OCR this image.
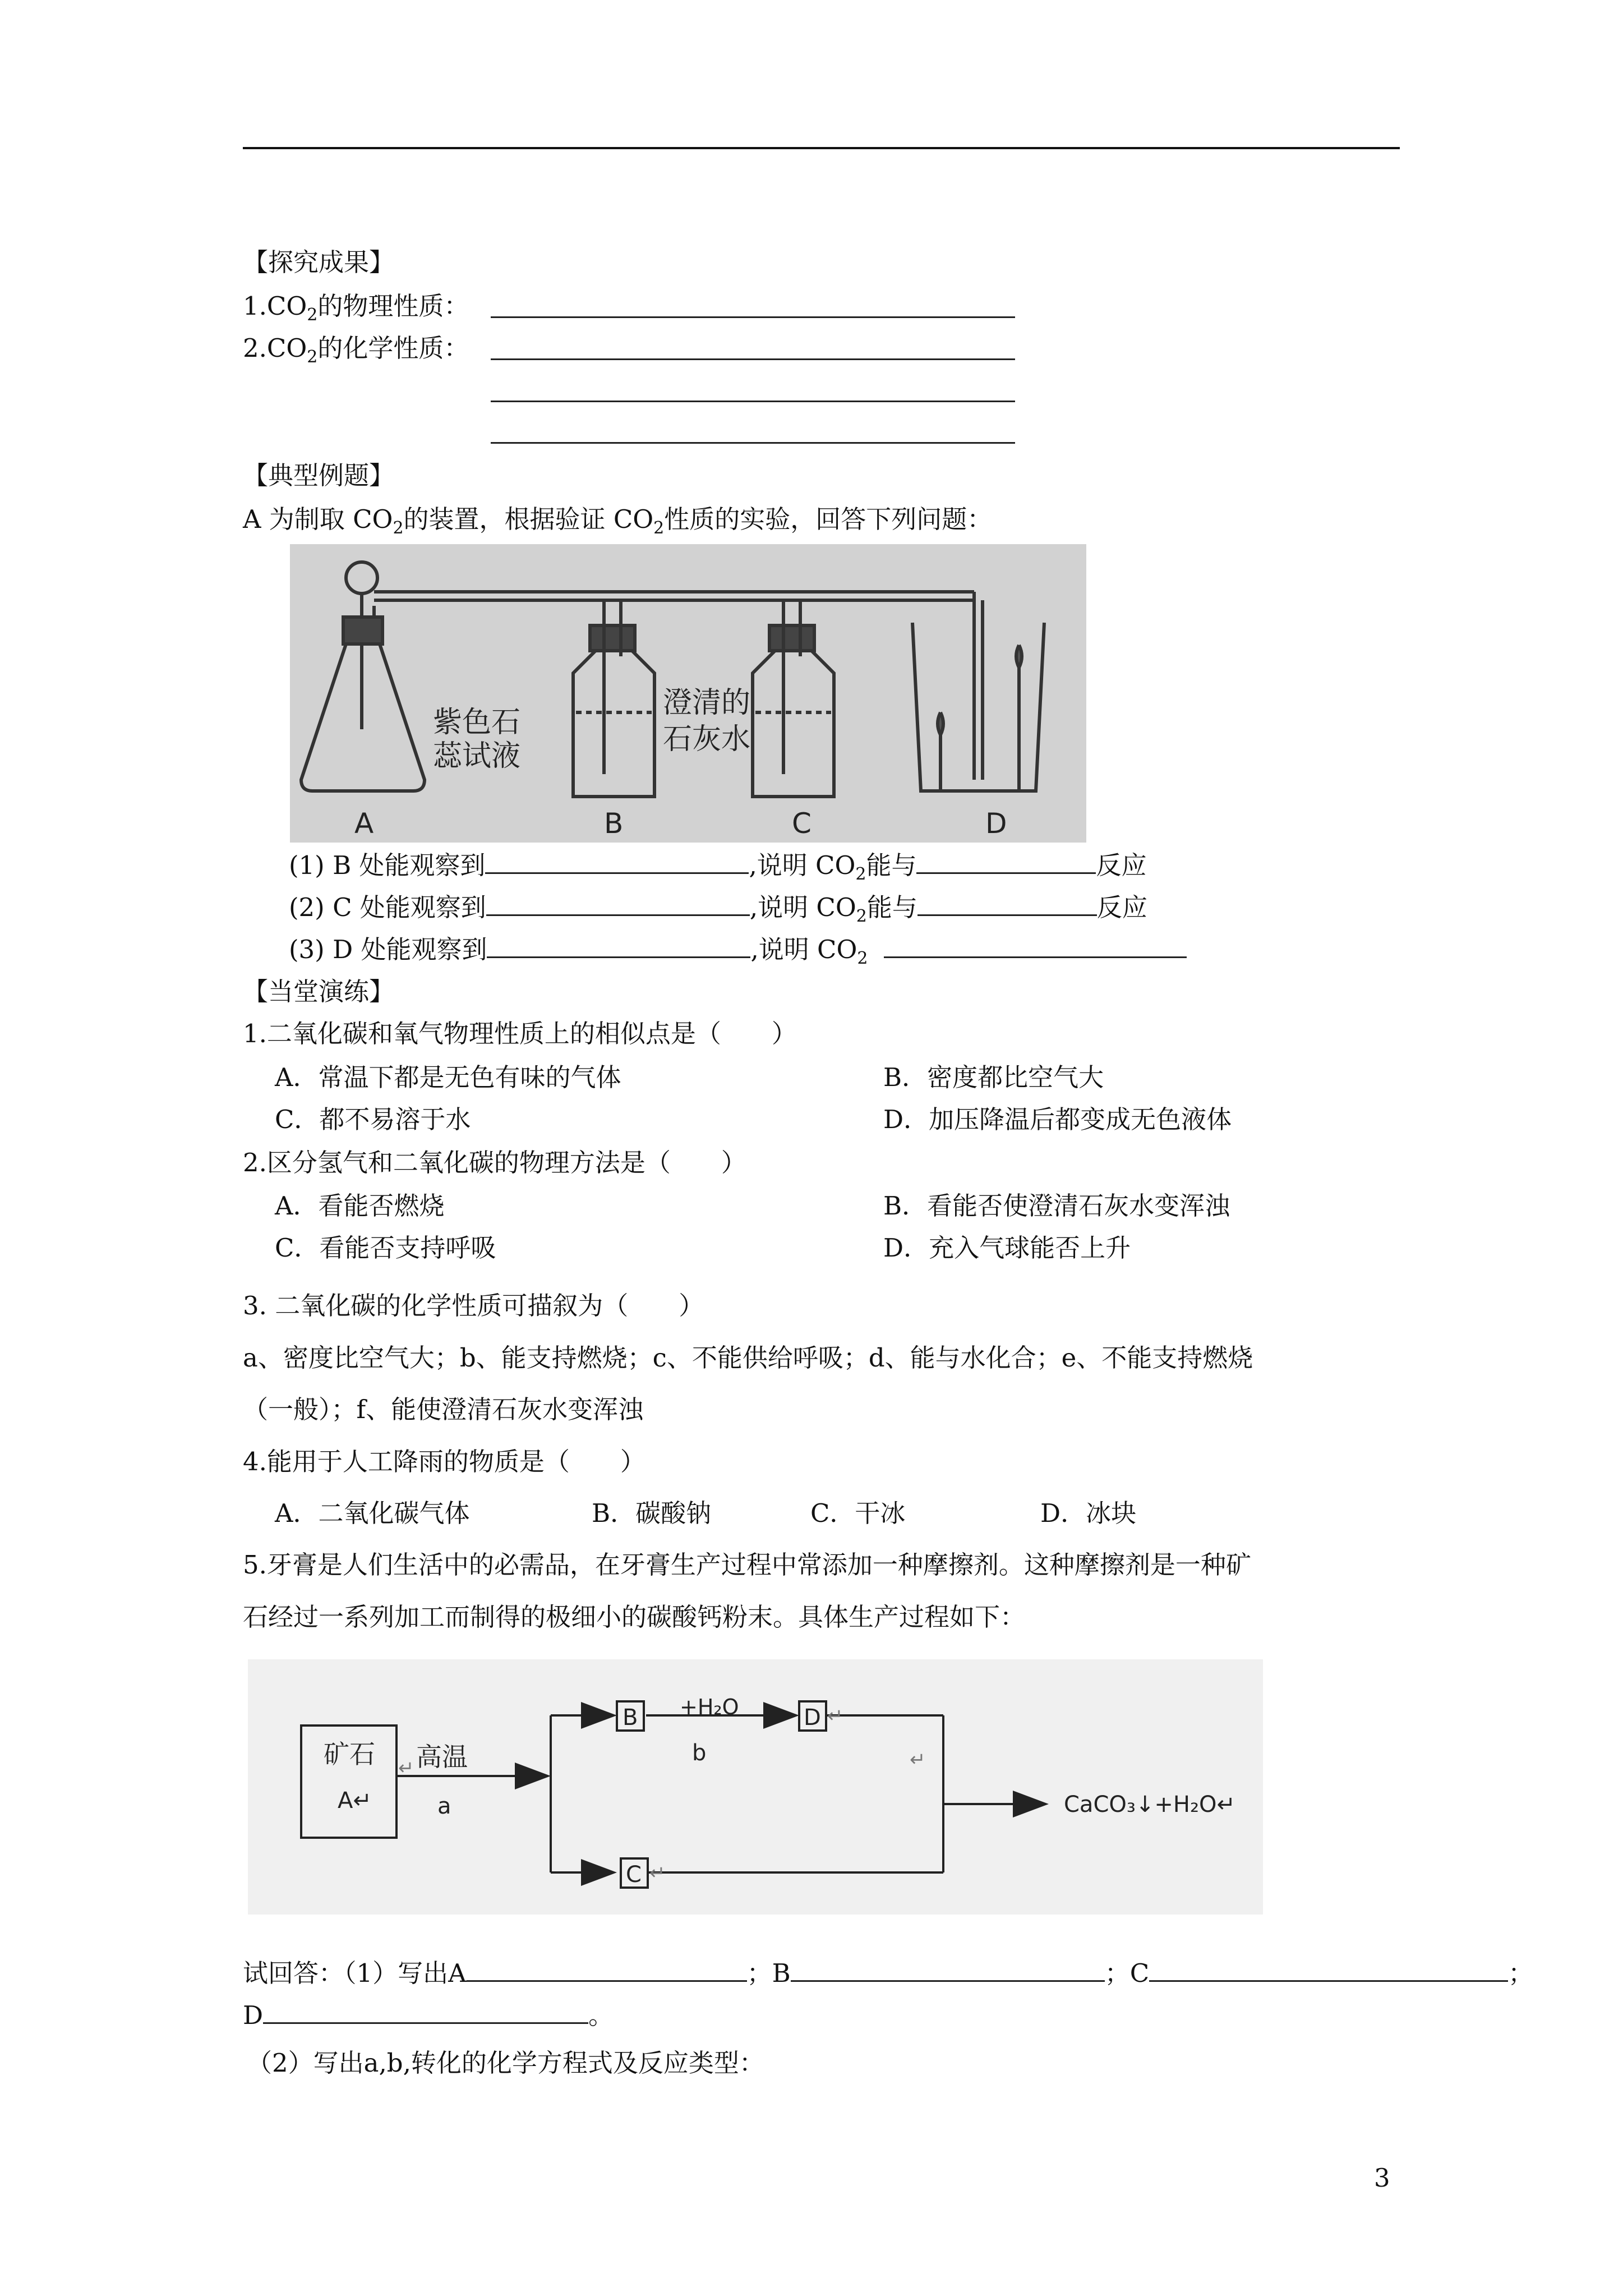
【探究成果】
$1.CO_2$的物理性质：
$2.CO_2$的化学性质：
【典型例题】
A 为制取 $CO_2$的装置，根据验证 $CO_2$性质的实验，回答下列问题：
紫色石
蕊试液
澄清的
石灰水
A	B	C	D
(1) B 处能观察到	,说明 $CO_2$能与	反应
(2) C 处能观察到	,说明 $CO_2$能与	反应
(3) D 处能观察到	,说明 $CO_2$
【当堂演练】
1.二氧化碳和氧气物理性质上的相似点是（　　）
A．常温下都是无色有味的气体	B．密度都比空气大
C．都不易溶于水	D．加压降温后都变成无色液体
2.区分氢气和二氧化碳的物理方法是（　　）
A．看能否燃烧	B．看能否使澄清石灰水变浑浊
C．看能否支持呼吸	D．充入气球能否上升
3. 二氧化碳的化学性质可描叙为（　　）
a、密度比空气大；b、能支持燃烧；c、不能供给呼吸；d、能与水化合；e、不能支持燃烧
（一般）；f、能使澄清石灰水变浑浊
4.能用于人工降雨的物质是（　　）
A．二氧化碳气体	B．碳酸钠	C．干冰	D．冰块
5.牙膏是人们生活中的必需品，在牙膏生产过程中常添加一种摩擦剂。这种摩擦剂是一种矿
石经过一系列加工而制得的极细小的碳酸钙粉末。具体生产过程如下：
矿石 ↵
A↵
高温
a
B +H₂O
b
D ↵
↵
C ↵
CaCO₃↓+H₂O↵
试回答：（1）写出A	；B	；C	；
D	。
（2）写出a,b,转化的化学方程式及反应类型：
3
